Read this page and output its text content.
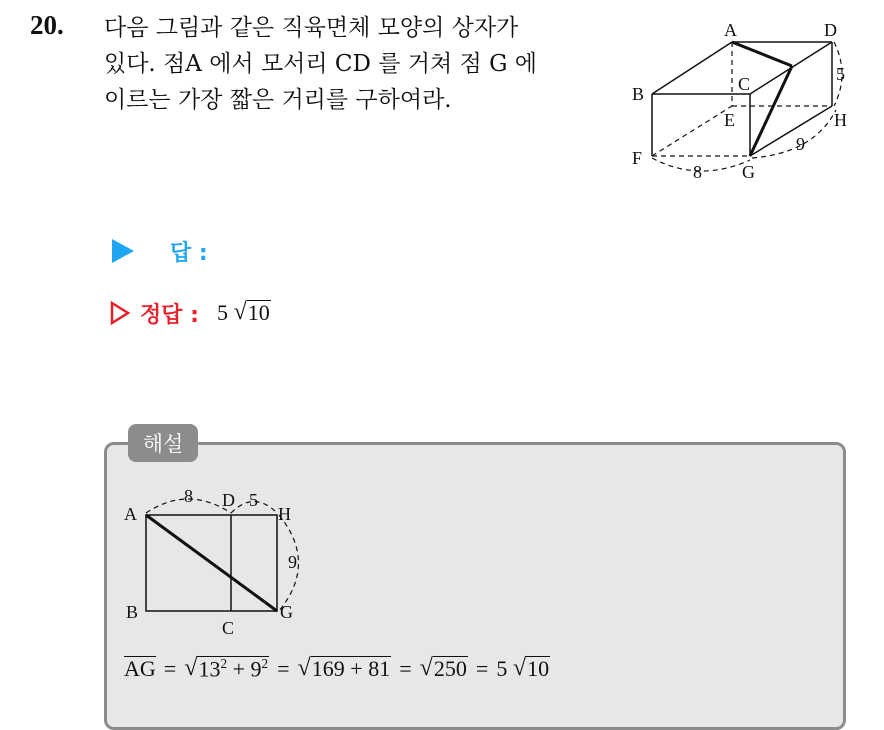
20. 다음 그림과 같은 직육면체 모양의 상자가
있다. 점A 에서 모서리 CD 를 거쳐 점 G 에
이르는 가장 짧은 거리를 구하여라.
A	D
B	C
E	H
F
G
8
9
5
답 :
정답 : 5
√ 10
해설
A
D
H
B
C
G
8	5
9
AG = √ $13^2 + 9^2$ = √ 169 + 81 = √ 250 = 5
√ 10
